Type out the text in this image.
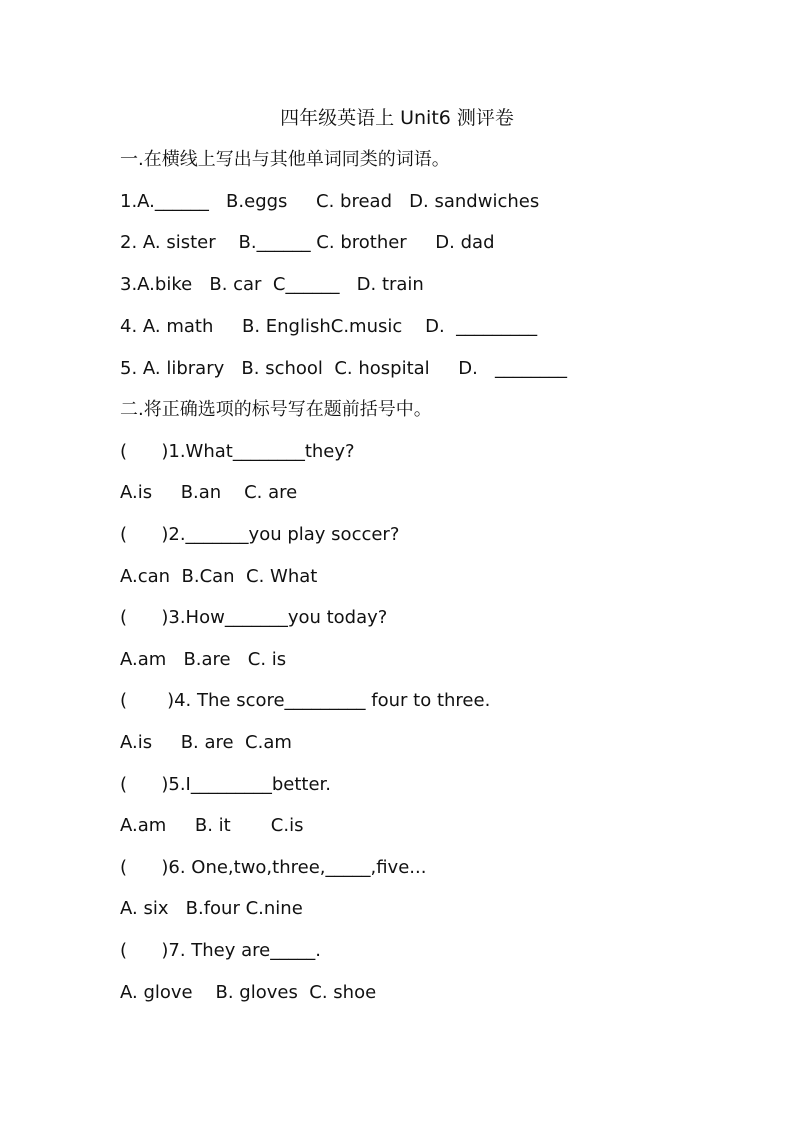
四年级英语上 Unit6 测评卷
一.在横线上写出与其他单词同类的词语。
1.A.______   B.eggs     C. bread   D. sandwiches
2. A. sister    B.______ C. brother     D. dad
3.A.bike   B. car  C______   D. train
4. A. math     B. EnglishC.music    D.  _________
5. A. library   B. school  C. hospital     D.   ________
二.将正确选项的标号写在题前括号中。
(      )1.What________they?
A.is     B.an    C. are
(      )2._______you play soccer?
A.can  B.Can  C. What
(      )3.How_______you today?
A.am   B.are   C. is
(       )4. The score_________ four to three.
A.is     B. are  C.am
(      )5.I_________better.
A.am     B. it       C.is
(      )6. One,two,three,_____,five...
A. six   B.four C.nine
(      )7. They are_____.
A. glove    B. gloves  C. shoe
